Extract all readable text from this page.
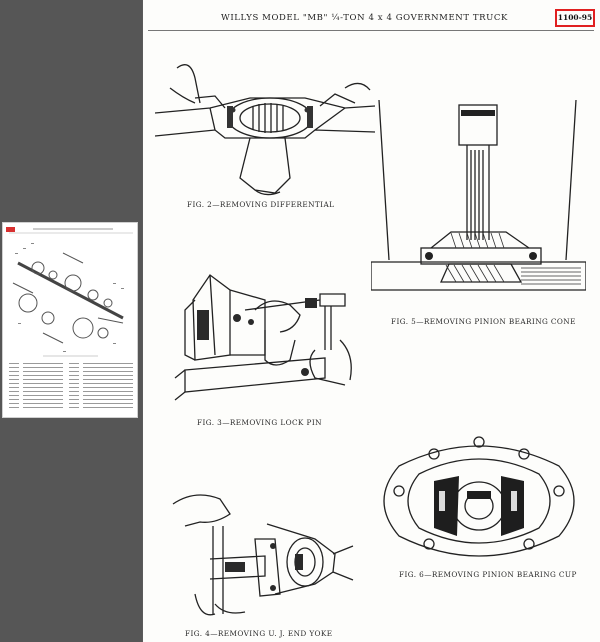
WILLYS MODEL "MB" ¼-TON 4 x 4 GOVERNMENT TRUCK	1100-95
FIG. 2—REMOVING DIFFERENTIAL
FIG. 3—REMOVING LOCK PIN
FIG. 4—REMOVING U. J. END YOKE
FIG. 5—REMOVING PINION BEARING CONE
FIG. 6—REMOVING PINION BEARING CUP
